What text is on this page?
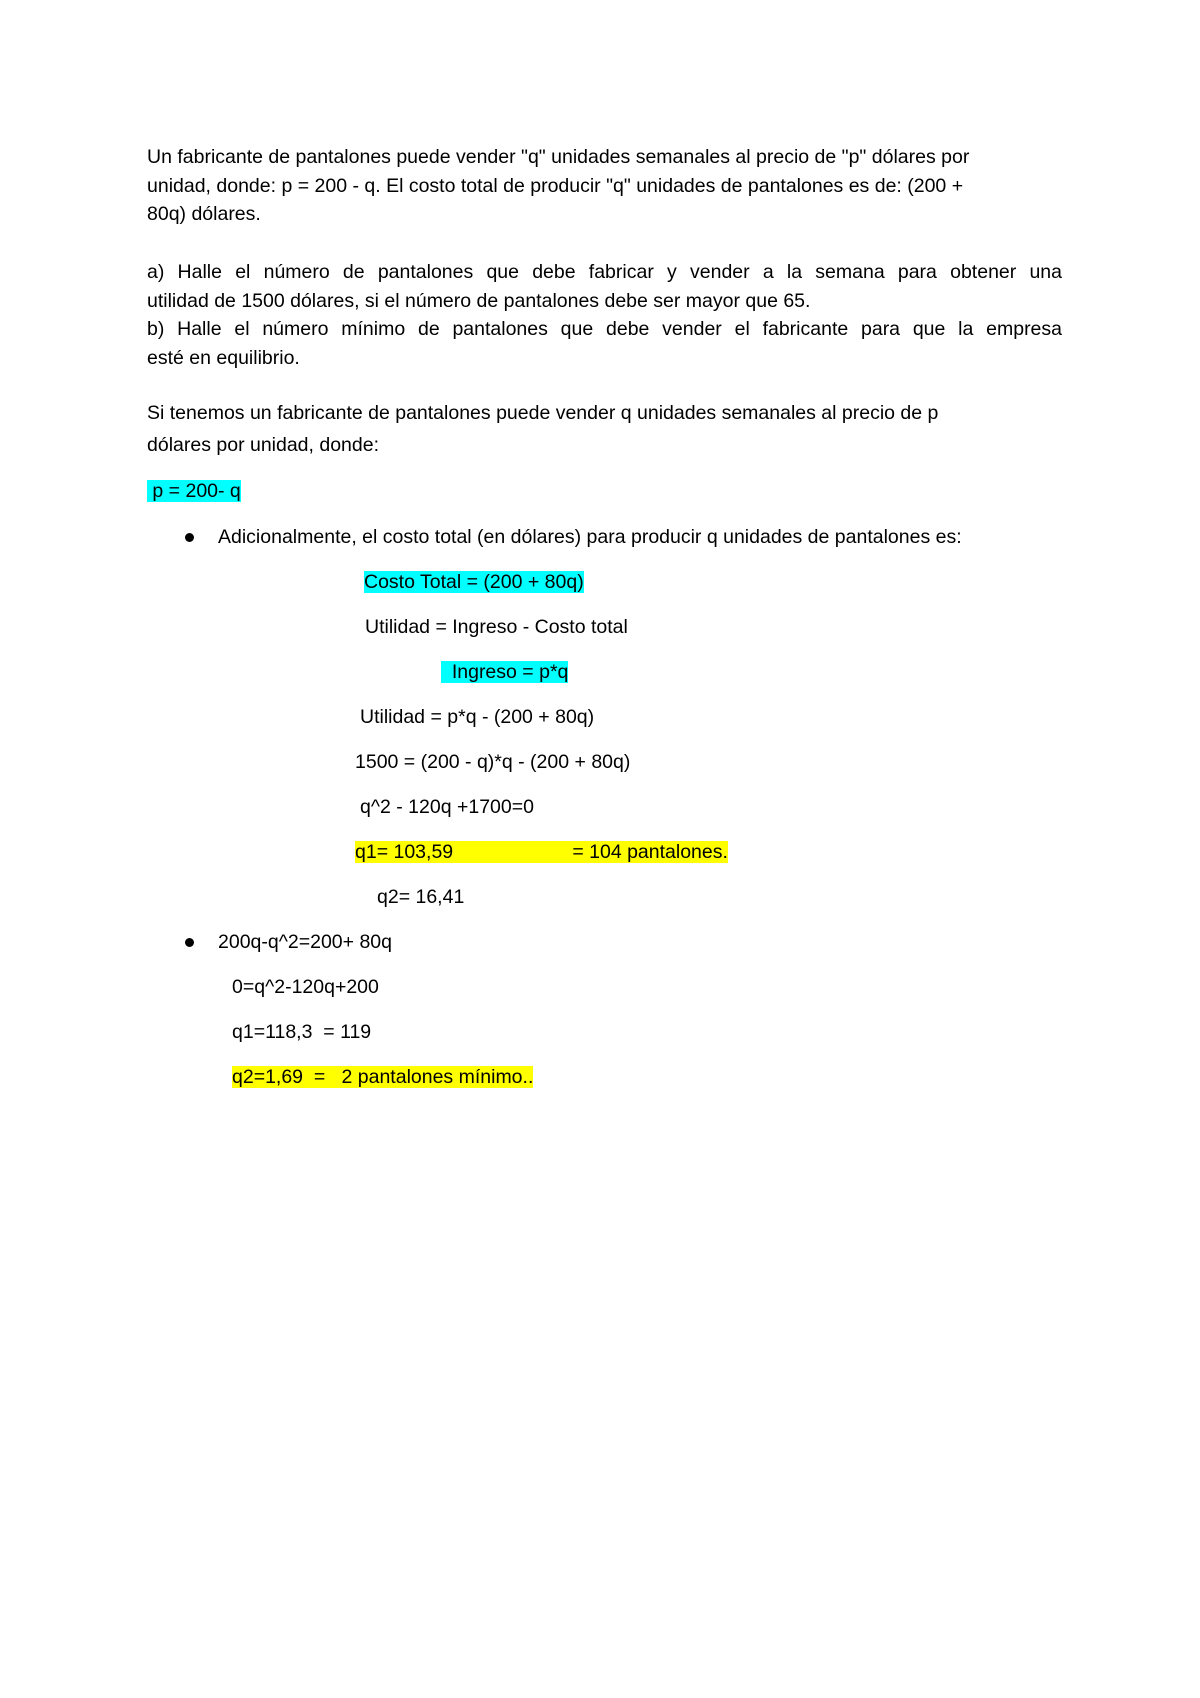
Un fabricante de pantalones puede vender "q" unidades semanales al precio de "p" dólares por
unidad, donde: p = 200 - q. El costo total de producir "q" unidades de pantalones es de: (200 +
80q) dólares.
a) Halle el número de pantalones que debe fabricar y vender a la semana para obtener una
utilidad de 1500 dólares, si el número de pantalones debe ser mayor que 65.
b) Halle el número mínimo de pantalones que debe vender el fabricante para que la empresa
esté en equilibrio.
Si tenemos un fabricante de pantalones puede vender q unidades semanales al precio de p
dólares por unidad, donde:
p = 200- q
Adicionalmente, el costo total (en dólares) para producir q unidades de pantalones es:
Costo Total = (200 + 80q)
Utilidad = Ingreso - Costo total
Ingreso = p*q
Utilidad = p*q - (200 + 80q)
1500 = (200 - q)*q - (200 + 80q)
q^2 - 120q +1700=0
q1= 103,59                      = 104 pantalones.
q2= 16,41
200q-q^2=200+ 80q
0=q^2-120q+200
q1=118,3  = 119
q2=1,69  =   2 pantalones mínimo..
